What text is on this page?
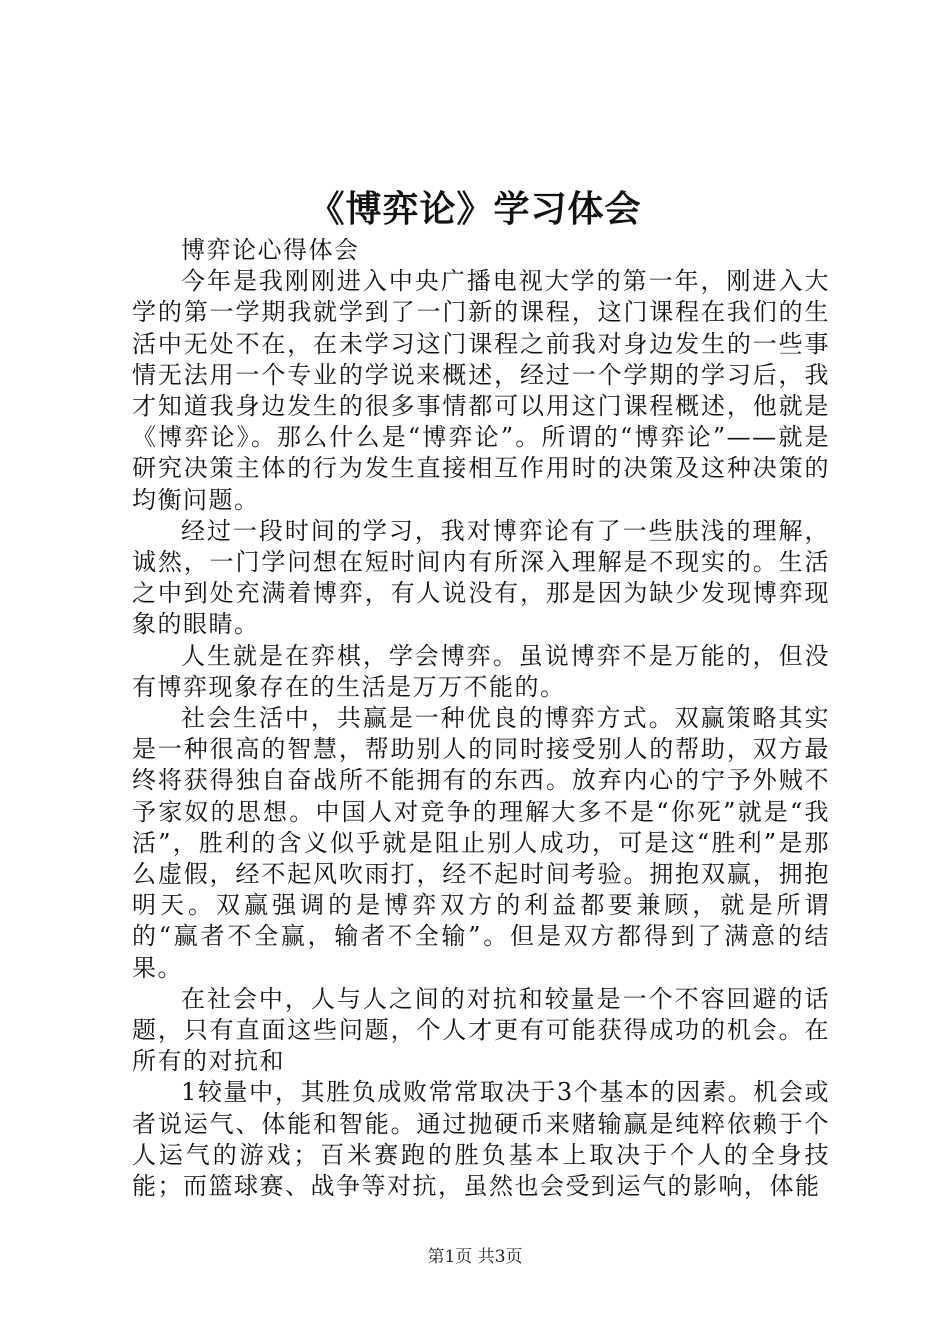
《博弈论》学习体会

博弈论心得体会

今年是我刚刚进入中央广播电视大学的第一年，刚进入大学的第一学期我就学到了一门新的课程，这门课程在我们的生活中无处不在，在未学习这门课程之前我对身边发生的一些事情无法用一个专业的学说来概述，经过一个学期的学习后，我才知道我身边发生的很多事情都可以用这门课程概述，他就是《博弈论》。那么什么是“博弈论”。所谓的“博弈论”——就是研究决策主体的行为发生直接相互作用时的决策及这种决策的均衡问题。

经过一段时间的学习，我对博弈论有了一些肤浅的理解，诚然，一门学问想在短时间内有所深入理解是不现实的。生活之中到处充满着博弈，有人说没有，那是因为缺少发现博弈现象的眼睛。

人生就是在弈棋，学会博弈。虽说博弈不是万能的，但没有博弈现象存在的生活是万万不能的。

社会生活中，共赢是一种优良的博弈方式。双赢策略其实是一种很高的智慧，帮助别人的同时接受别人的帮助，双方最终将获得独自奋战所不能拥有的东西。放弃内心的宁予外贼不予家奴的思想。中国人对竞争的理解大多不是“你死”就是“我活”，胜利的含义似乎就是阻止别人成功，可是这“胜利”是那么虚假，经不起风吹雨打，经不起时间考验。拥抱双赢，拥抱明天。双赢强调的是博弈双方的利益都要兼顾，就是所谓的“赢者不全赢，输者不全输”。但是双方都得到了满意的结果。

在社会中，人与人之间的对抗和较量是一个不容回避的话题，只有直面这些问题，个人才更有可能获得成功的机会。在所有的对抗和

1较量中，其胜负成败常常取决于3个基本的因素。机会或者说运气、体能和智能。通过抛硬币来赌输赢是纯粹依赖于个人运气的游戏；百米赛跑的胜负基本上取决于个人的全身技能；而篮球赛、战争等对抗，虽然也会受到运气的影响，体能

第1页 共3页
